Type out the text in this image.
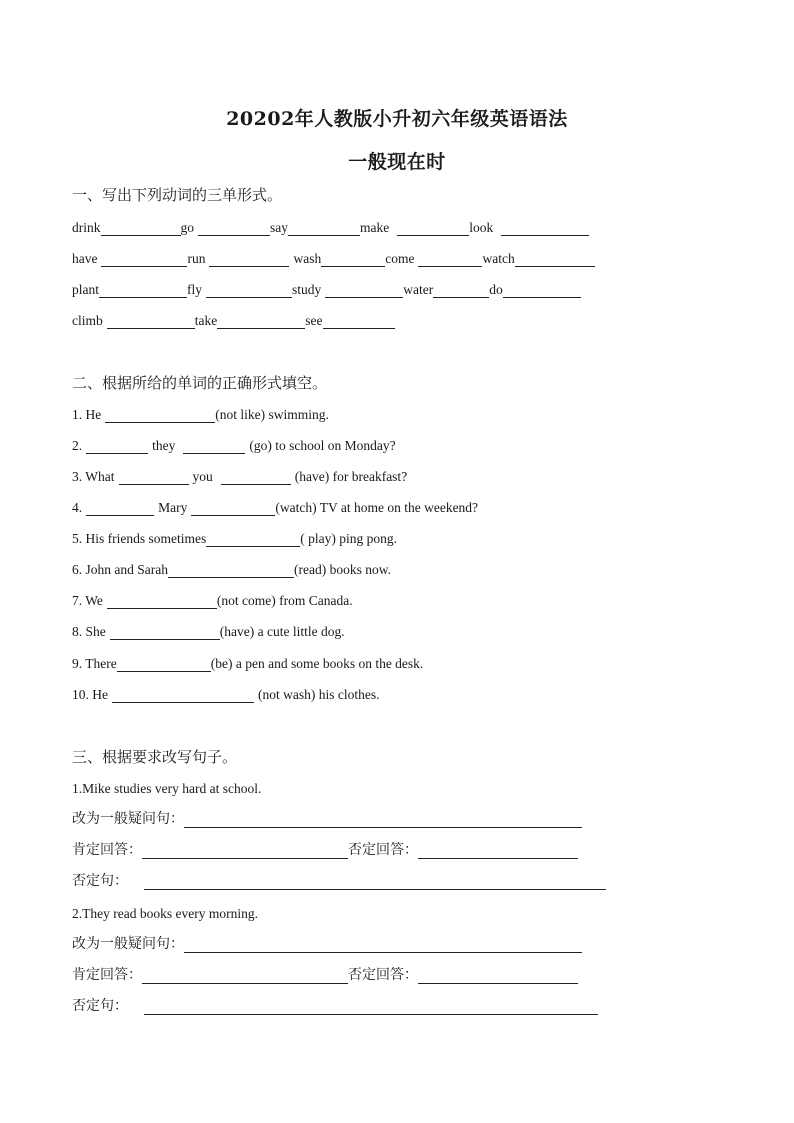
20202年人教版小升初六年级英语语法
一般现在时
一、写出下列动词的三单形式。
drink	go	say	make	look
have	run	wash	come	watch
plant	fly	study	water	do
climb	take	see
二、根据所给的单词的正确形式填空。
1. He	(not like) swimming.
2.	they	(go) to school on Monday?
3. What	you	(have) for breakfast?
4.	Mary	(watch) TV at home on the weekend?
5. His friends sometimes	( play) ping pong.
6. John and Sarah	(read) books now.
7. We	(not come) from Canada.
8. She	(have) a cute little dog.
9. There	(be) a pen and some books on the desk.
10. He	(not wash) his clothes.
三、根据要求改写句子。
1.Mike studies very hard at school.
改为一般疑问句：
肯定回答：	否定回答：
否定句：
2.They read books every morning.
改为一般疑问句：
肯定回答：	否定回答：
否定句：
